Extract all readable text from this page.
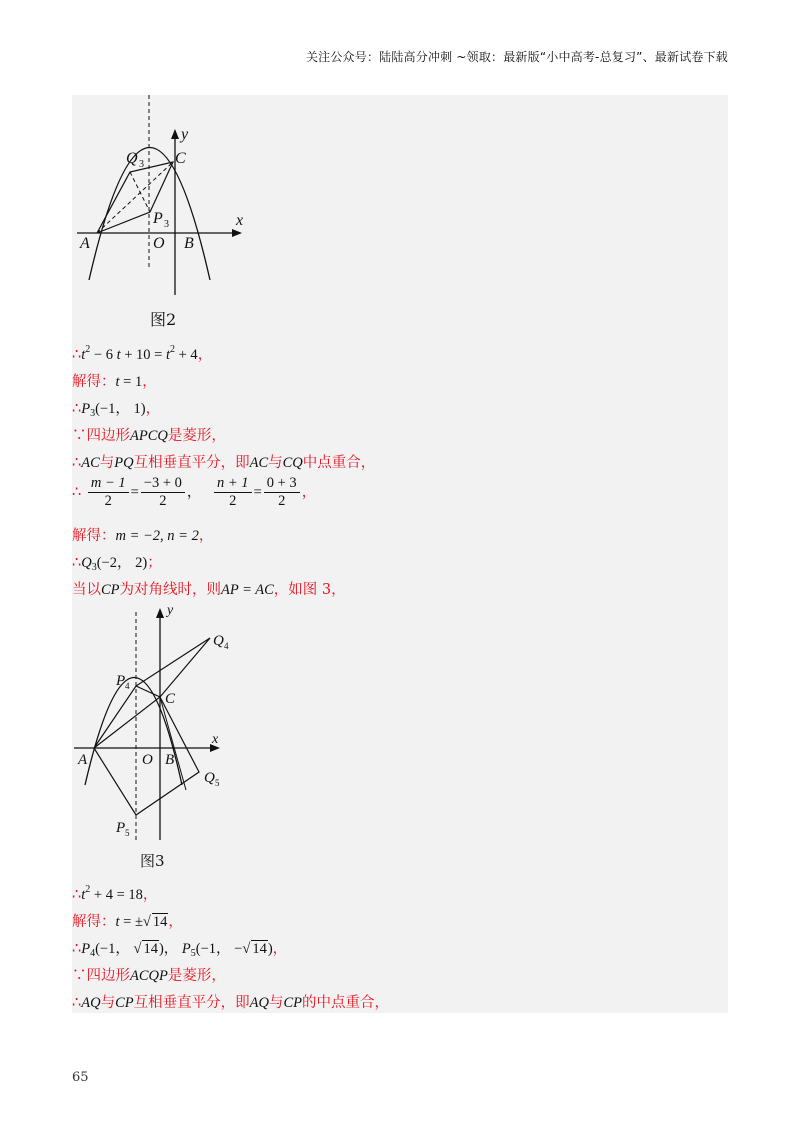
关注公众号：陆陆高分冲刺 ~领取：最新版“小中高考-总复习”、最新试卷下载
y
x
C
Q 3
P 3
A	O B
图2
$\therefore t^2 - 6$ $t + 10 = t^2 + 4$，
解得：t = 1，
$\therefore P_3(-1$， 1)，
∵四边形APCQ是菱形，
∴AC与PQ互相垂直平分，即AC与CQ中点重合，
∴ $\frac{m - 1}{2} = \frac{-3 + 0}{2}$ ， $\frac{n + 1}{2} = \frac{0 + 3}{2}$ ，
解得：m = −2, n = 2，
$\therefore Q_3(-2$， 2)；
当以CP为对角线时，则AP = AC，如图 3，
y
x
Q 4
P 4
C
A	O B
Q 5
P 5
图3
$\therefore t^2 + 4 = 18$，
解得：t = ±√ 14，
$\therefore P_4(-1$， √ 14)， $P_5(-1$， −√ 14)，
∵四边形ACQP是菱形，
∴AQ与CP互相垂直平分，即AQ与CP的中点重合，
65
